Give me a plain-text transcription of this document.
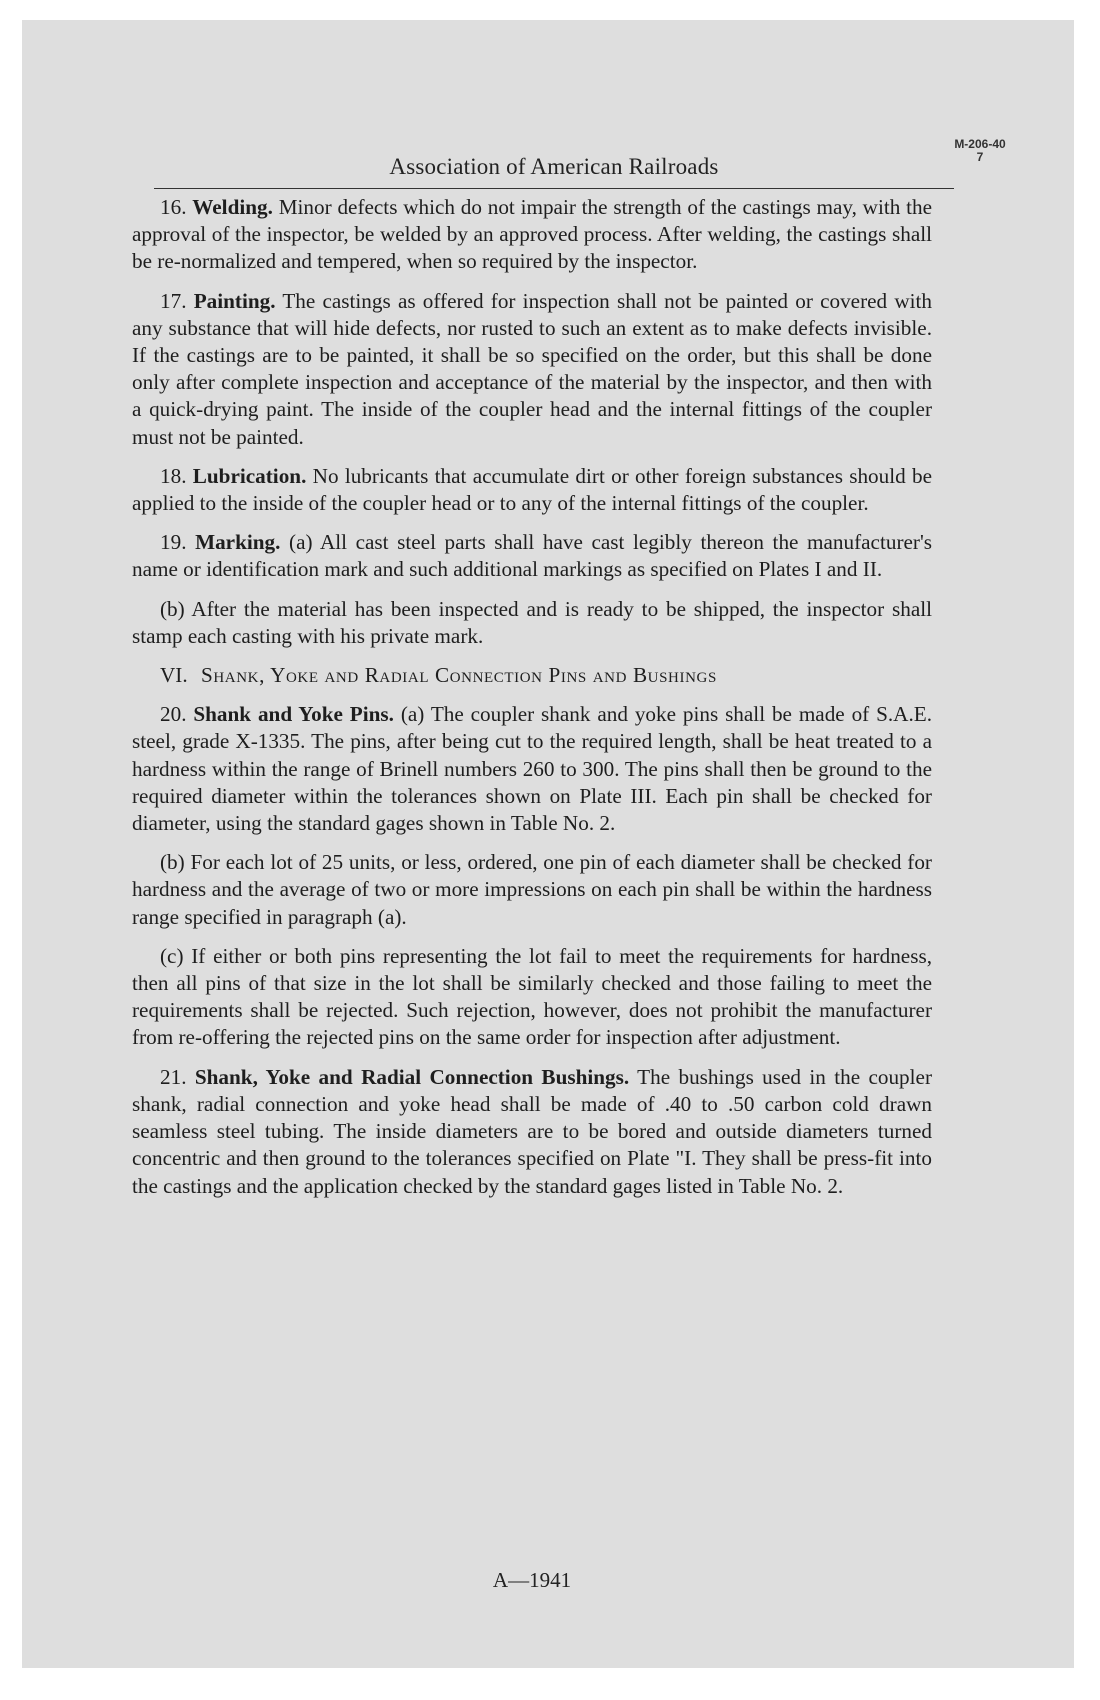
Association of American Railroads
M-206-40
7

16. Welding. Minor defects which do not impair the strength of the castings may, with the approval of the inspector, be welded by an approved process. After welding, the castings shall be re-normalized and tempered, when so required by the inspector.

17. Painting. The castings as offered for inspection shall not be painted or covered with any substance that will hide defects, nor rusted to such an extent as to make defects invisible. If the castings are to be painted, it shall be so specified on the order, but this shall be done only after complete inspection and acceptance of the material by the inspector, and then with a quick-drying paint. The inside of the coupler head and the internal fittings of the coupler must not be painted.

18. Lubrication. No lubricants that accumulate dirt or other foreign substances should be applied to the inside of the coupler head or to any of the internal fittings of the coupler.

19. Marking. (a) All cast steel parts shall have cast legibly thereon the manufacturer's name or identification mark and such additional markings as specified on Plates I and II.

(b) After the material has been inspected and is ready to be shipped, the inspector shall stamp each casting with his private mark.

VI. Shank, Yoke and Radial Connection Pins and Bushings

20. Shank and Yoke Pins. (a) The coupler shank and yoke pins shall be made of S.A.E. steel, grade X-1335. The pins, after being cut to the required length, shall be heat treated to a hardness within the range of Brinell numbers 260 to 300. The pins shall then be ground to the required diameter within the tolerances shown on Plate III. Each pin shall be checked for diameter, using the standard gages shown in Table No. 2.

(b) For each lot of 25 units, or less, ordered, one pin of each diameter shall be checked for hardness and the average of two or more impressions on each pin shall be within the hardness range specified in paragraph (a).

(c) If either or both pins representing the lot fail to meet the requirements for hardness, then all pins of that size in the lot shall be similarly checked and those failing to meet the requirements shall be rejected. Such rejection, however, does not prohibit the manufacturer from re-offering the rejected pins on the same order for inspection after adjustment.

21. Shank, Yoke and Radial Connection Bushings. The bushings used in the coupler shank, radial connection and yoke head shall be made of .40 to .50 carbon cold drawn seamless steel tubing. The inside diameters are to be bored and outside diameters turned concentric and then ground to the tolerances specified on Plate "I. They shall be press-fit into the castings and the application checked by the standard gages listed in Table No. 2.

A—1941
